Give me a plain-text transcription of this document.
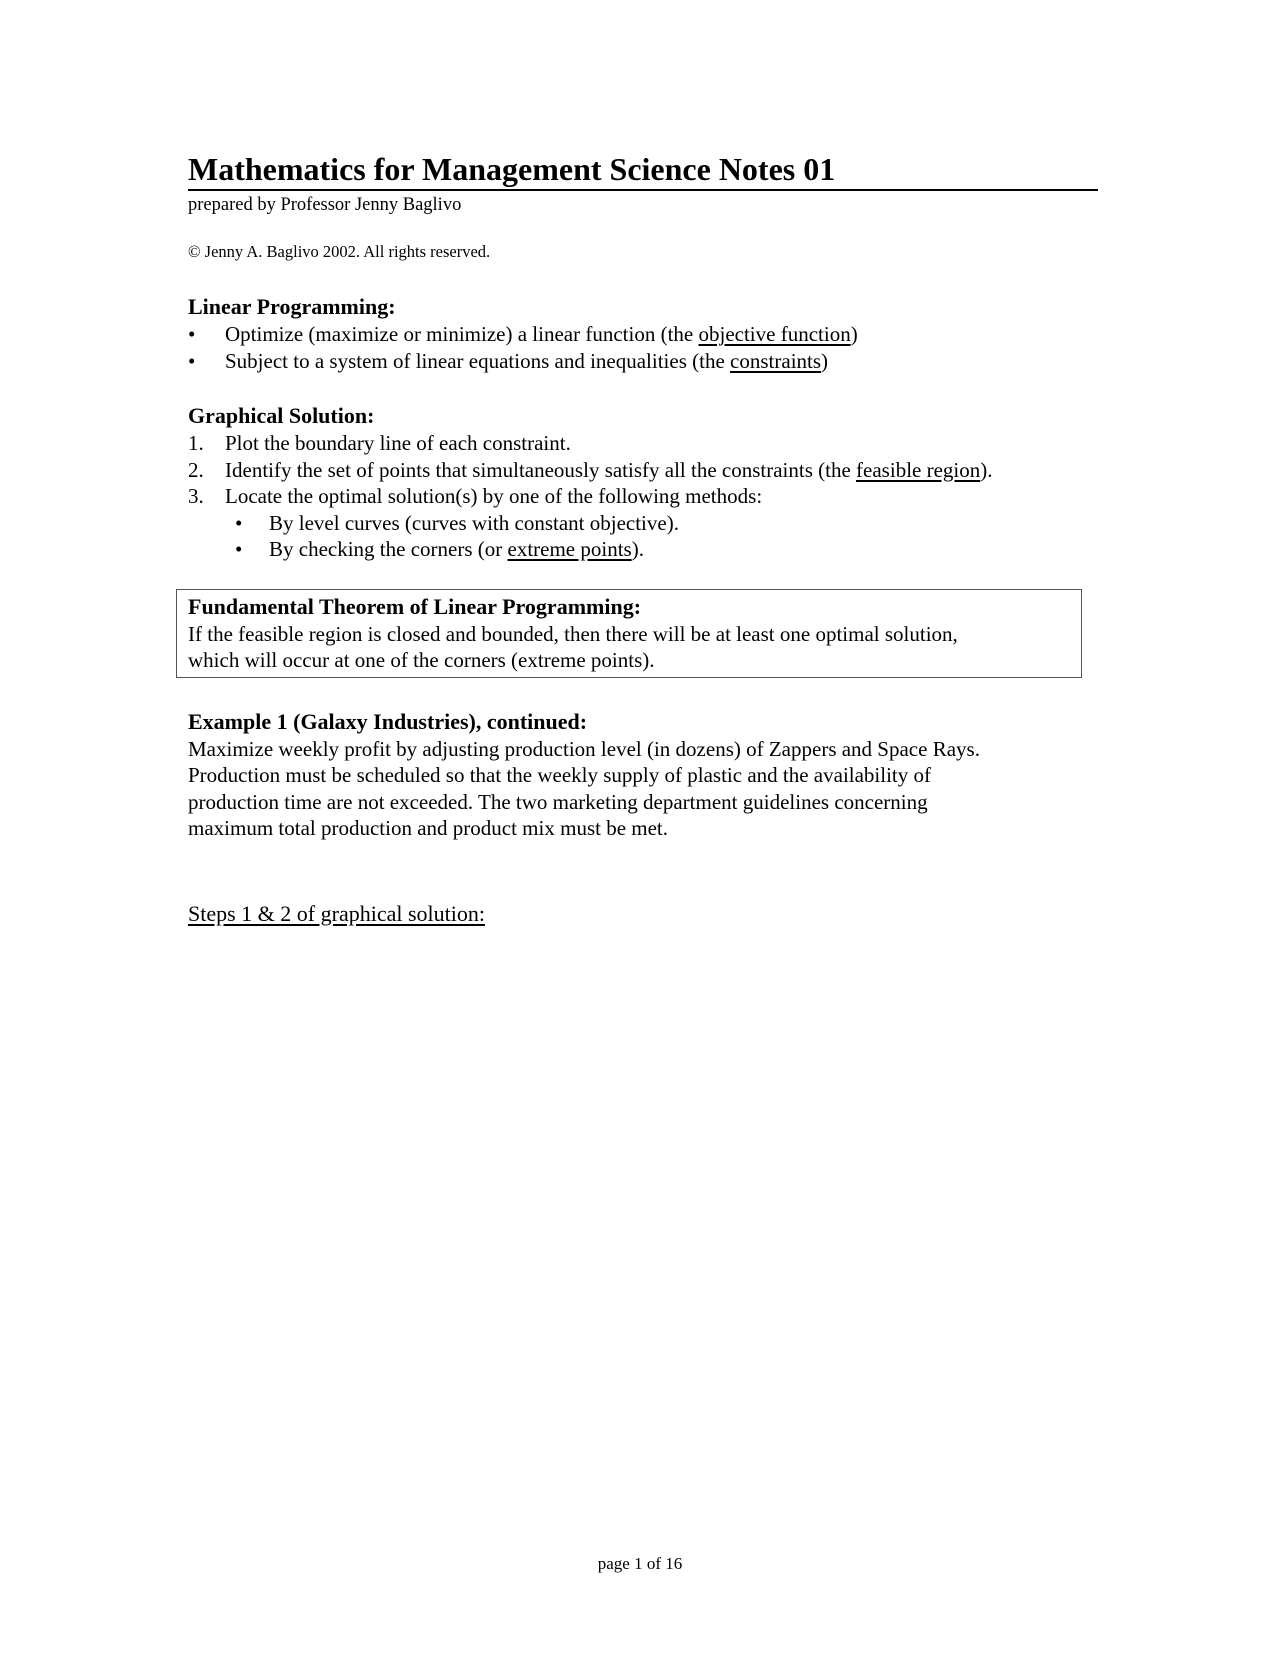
Mathematics for Management Science Notes 01

prepared by Professor Jenny Baglivo

© Jenny A. Baglivo 2002. All rights reserved.

Linear Programming:
• Optimize (maximize or minimize) a linear function (the objective function)
• Subject to a system of linear equations and inequalities (the constraints)
Graphical Solution:
1. Plot the boundary line of each constraint.
2. Identify the set of points that simultaneously satisfy all the constraints (the feasible region).
3. Locate the optimal solution(s) by one of the following methods:
• By level curves (curves with constant objective).
• By checking the corners (or extreme points).
Fundamental Theorem of Linear Programming:

If the feasible region is closed and bounded, then there will be at least one optimal solution,

which will occur at one of the corners (extreme points).

Example 1 (Galaxy Industries), continued:

Maximize weekly profit by adjusting production level (in dozens) of Zappers and Space Rays.

Production must be scheduled so that the weekly supply of plastic and the availability of

production time are not exceeded. The two marketing department guidelines concerning

maximum total production and product mix must be met.

Steps 1 & 2 of graphical solution:

page 1 of 16
